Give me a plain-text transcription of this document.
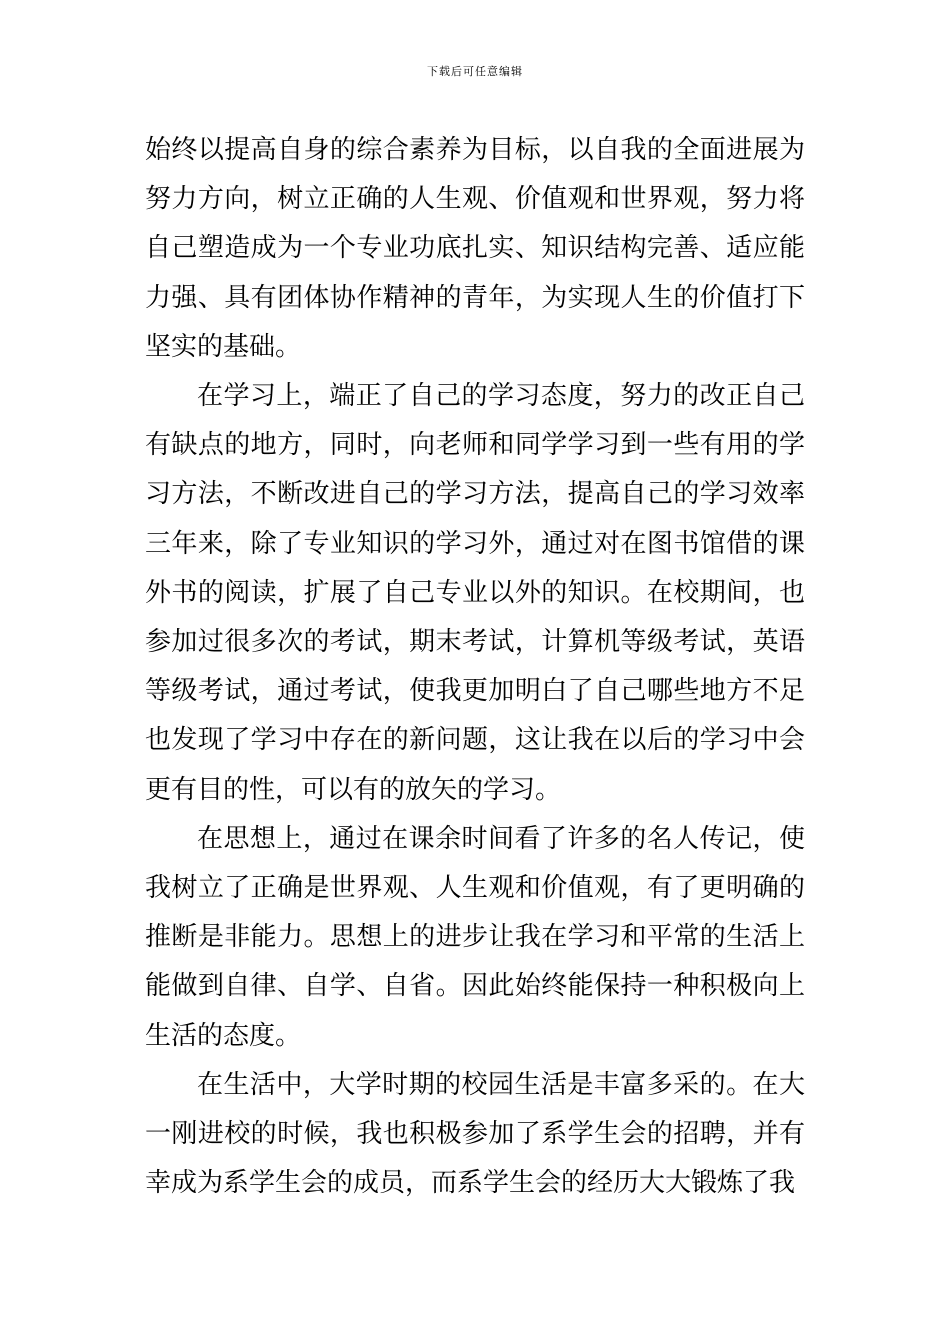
下载后可任意编辑

始终以提高自身的综合素养为目标，以自我的全面进展为努力方向，树立正确的人生观、价值观和世界观，努力将自己塑造成为一个专业功底扎实、知识结构完善、适应能力强、具有团体协作精神的青年，为实现人生的价值打下坚实的基础。

在学习上，端正了自己的学习态度，努力的改正自己有缺点的地方，同时，向老师和同学学习到一些有用的学习方法，不断改进自己的学习方法，提高自己的学习效率三年来，除了专业知识的学习外，通过对在图书馆借的课外书的阅读，扩展了自己专业以外的知识。在校期间，也参加过很多次的考试，期末考试，计算机等级考试，英语等级考试，通过考试，使我更加明白了自己哪些地方不足也发现了学习中存在的新问题，这让我在以后的学习中会更有目的性，可以有的放矢的学习。

在思想上，通过在课余时间看了许多的名人传记，使我树立了正确是世界观、人生观和价值观，有了更明确的推断是非能力。思想上的进步让我在学习和平常的生活上能做到自律、自学、自省。因此始终能保持一种积极向上生活的态度。

在生活中，大学时期的校园生活是丰富多采的。在大一刚进校的时候，我也积极参加了系学生会的招聘，并有幸成为系学生会的成员，而系学生会的经历大大锻炼了我
